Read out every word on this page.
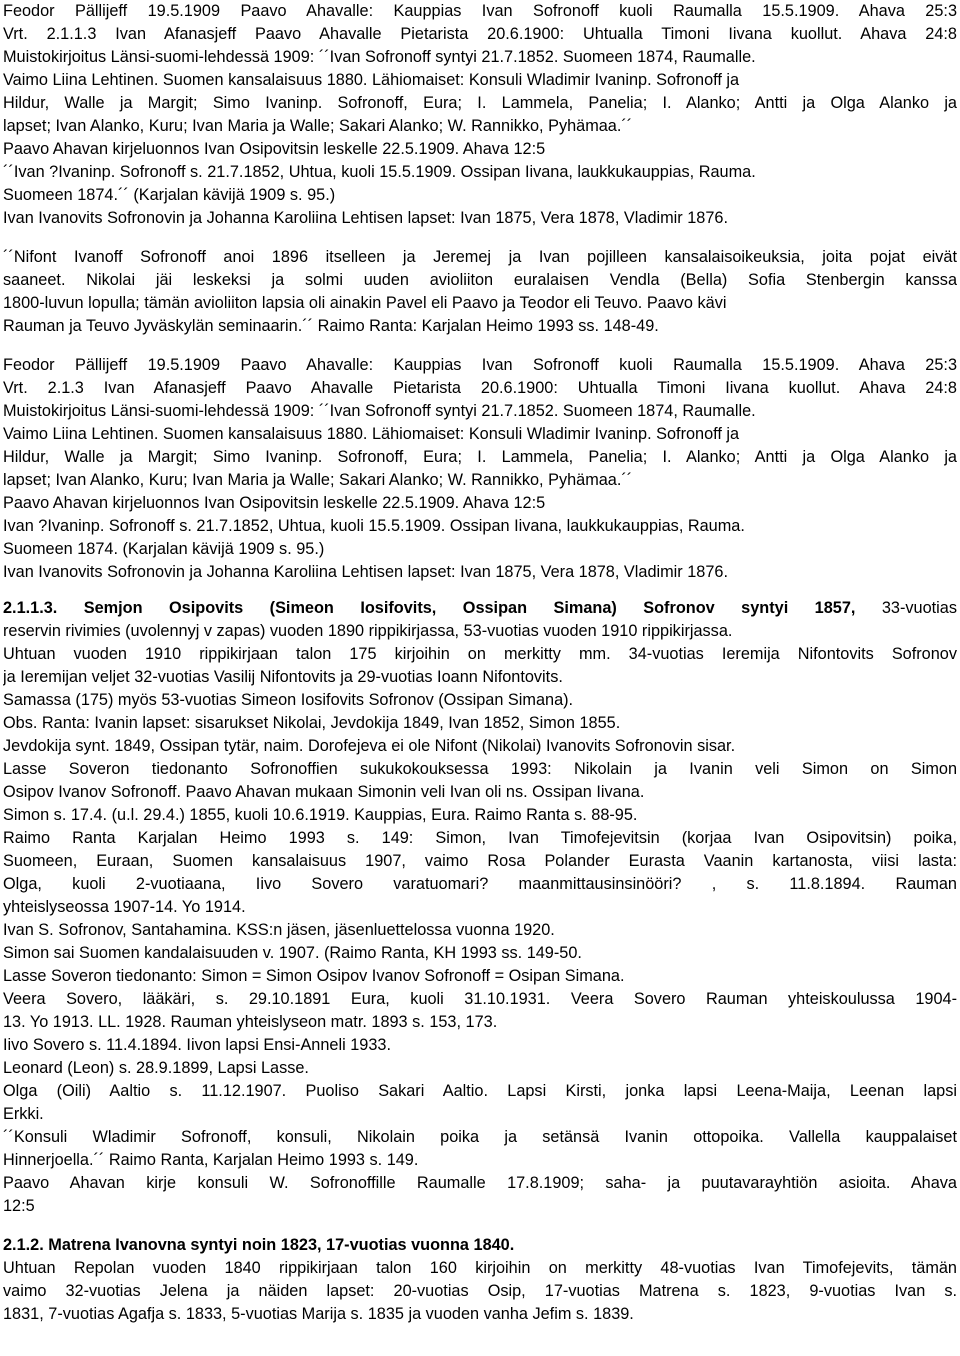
Feodor Pällijeff 19.5.1909 Paavo Ahavalle: Kauppias Ivan Sofronoff kuoli Raumalla 15.5.1909. Ahava 25:3
Vrt. 2.1.1.3 Ivan Afanasjeff Paavo Ahavalle Pietarista 20.6.1900: Uhtualla Timoni Iivana kuollut. Ahava 24:8
Muistokirjoitus Länsi-suomi-lehdessä 1909: ´´Ivan Sofronoff syntyi 21.7.1852. Suomeen 1874, Raumalle.
Vaimo Liina Lehtinen. Suomen kansalaisuus 1880. Lähiomaiset: Konsuli Wladimir Ivaninp. Sofronoff ja
Hildur, Walle ja Margit; Simo Ivaninp. Sofronoff, Eura; I. Lammela, Panelia; I. Alanko; Antti ja Olga Alanko ja
lapset; Ivan Alanko, Kuru; Ivan Maria ja Walle; Sakari Alanko; W. Rannikko, Pyhämaa.´´
Paavo Ahavan kirjeluonnos Ivan Osipovitsin leskelle 22.5.1909. Ahava 12:5
´´Ivan ?Ivaninp. Sofronoff s. 21.7.1852, Uhtua, kuoli 15.5.1909. Ossipan Iivana, laukkukauppias, Rauma.
Suomeen 1874.´´ (Karjalan kävijä 1909 s. 95.)
Ivan Ivanovits Sofronovin ja Johanna Karoliina Lehtisen lapset: Ivan 1875, Vera 1878, Vladimir 1876.
´´Nifont Ivanoff Sofronoff anoi 1896 itselleen ja Jeremej ja Ivan pojilleen kansalaisoikeuksia, joita pojat eivät
saaneet. Nikolai jäi leskeksi ja solmi uuden avioliiton euralaisen Vendla (Bella) Sofia Stenbergin kanssa
1800-luvun lopulla; tämän avioliiton lapsia oli ainakin Pavel eli Paavo ja Teodor eli Teuvo. Paavo kävi
Rauman ja Teuvo Jyväskylän seminaarin.´´ Raimo Ranta: Karjalan Heimo 1993 ss. 148-49.
Feodor Pällijeff 19.5.1909 Paavo Ahavalle: Kauppias Ivan Sofronoff kuoli Raumalla 15.5.1909. Ahava 25:3
Vrt. 2.1.3 Ivan Afanasjeff Paavo Ahavalle Pietarista 20.6.1900: Uhtualla Timoni Iivana kuollut. Ahava 24:8
Muistokirjoitus Länsi-suomi-lehdessä 1909: ´´Ivan Sofronoff syntyi 21.7.1852. Suomeen 1874, Raumalle.
Vaimo Liina Lehtinen. Suomen kansalaisuus 1880. Lähiomaiset: Konsuli Wladimir Ivaninp. Sofronoff ja
Hildur, Walle ja Margit; Simo Ivaninp. Sofronoff, Eura; I. Lammela, Panelia; I. Alanko; Antti ja Olga Alanko ja
lapset; Ivan Alanko, Kuru; Ivan Maria ja Walle; Sakari Alanko; W. Rannikko, Pyhämaa.´´
Paavo Ahavan kirjeluonnos Ivan Osipovitsin leskelle 22.5.1909. Ahava 12:5
Ivan ?Ivaninp. Sofronoff s. 21.7.1852, Uhtua, kuoli 15.5.1909. Ossipan Iivana, laukkukauppias, Rauma.
Suomeen 1874. (Karjalan kävijä 1909 s. 95.)
Ivan Ivanovits Sofronovin ja Johanna Karoliina Lehtisen lapset: Ivan 1875, Vera 1878, Vladimir 1876.
2.1.1.3. Semjon Osipovits (Simeon Iosifovits, Ossipan Simana) Sofronov syntyi 1857, 33-vuotias
reservin rivimies (uvolennyj v zapas) vuoden 1890 rippikirjassa, 53-vuotias vuoden 1910 rippikirjassa.
Uhtuan vuoden 1910 rippikirjaan talon 175 kirjoihin on merkitty mm. 34-vuotias Ieremija Nifontovits Sofronov
ja Ieremijan veljet 32-vuotias Vasilij Nifontovits ja 29-vuotias Ioann Nifontovits.
Samassa (175) myös 53-vuotias Simeon Iosifovits Sofronov (Ossipan Simana).
Obs. Ranta: Ivanin lapset: sisarukset Nikolai, Jevdokija 1849, Ivan 1852, Simon 1855.
Jevdokija synt. 1849, Ossipan tytär, naim. Dorofejeva ei ole Nifont (Nikolai) Ivanovits Sofronovin sisar.
Lasse Soveron tiedonanto Sofronoffien sukukokouksessa 1993: Nikolain ja Ivanin veli Simon on Simon
Osipov Ivanov Sofronoff. Paavo Ahavan mukaan Simonin veli Ivan oli ns. Ossipan Iivana.
Simon s. 17.4. (u.l. 29.4.) 1855, kuoli 10.6.1919. Kauppias, Eura. Raimo Ranta s. 88-95.
Raimo Ranta Karjalan Heimo 1993 s. 149: Simon, Ivan Timofejevitsin (korjaa Ivan Osipovitsin) poika,
Suomeen, Euraan, Suomen kansalaisuus 1907, vaimo Rosa Polander Eurasta Vaanin kartanosta, viisi lasta:
Olga, kuoli 2-vuotiaana, Iivo Sovero varatuomari? maanmittausinsinööri? , s. 11.8.1894. Rauman
yhteislyseossa 1907-14. Yo 1914.
Ivan S. Sofronov, Santahamina. KSS:n jäsen, jäsenluettelossa vuonna 1920.
Simon sai Suomen kandalaisuuden v. 1907. (Raimo Ranta, KH 1993 ss. 149-50.
Lasse Soveron tiedonanto: Simon = Simon Osipov Ivanov Sofronoff = Osipan Simana.
Veera Sovero, lääkäri, s. 29.10.1891 Eura, kuoli 31.10.1931. Veera Sovero Rauman yhteiskoulussa 1904-
13. Yo 1913. LL. 1928. Rauman yhteislyseon matr. 1893 s. 153, 173.
Iivo Sovero s. 11.4.1894. Iivon lapsi Ensi-Anneli 1933.
Leonard (Leon) s. 28.9.1899, Lapsi Lasse.
Olga (Oili) Aaltio s. 11.12.1907. Puoliso Sakari Aaltio. Lapsi Kirsti, jonka lapsi Leena-Maija, Leenan lapsi
Erkki.
´´Konsuli Wladimir Sofronoff, konsuli, Nikolain poika ja setänsä Ivanin ottopoika. Vallella kauppalaiset
Hinnerjoella.´´ Raimo Ranta, Karjalan Heimo 1993 s. 149.
Paavo Ahavan kirje konsuli W. Sofronoffille Raumalle 17.8.1909; saha- ja puutavarayhtiön asioita. Ahava
12:5
2.1.2. Matrena Ivanovna syntyi noin 1823, 17-vuotias vuonna 1840.
Uhtuan Repolan vuoden 1840 rippikirjaan talon 160 kirjoihin on merkitty 48-vuotias Ivan Timofejevits, tämän
vaimo 32-vuotias Jelena ja näiden lapset: 20-vuotias Osip, 17-vuotias Matrena s. 1823, 9-vuotias Ivan s.
1831, 7-vuotias Agafja s. 1833, 5-vuotias Marija s. 1835 ja vuoden vanha Jefim s. 1839.
